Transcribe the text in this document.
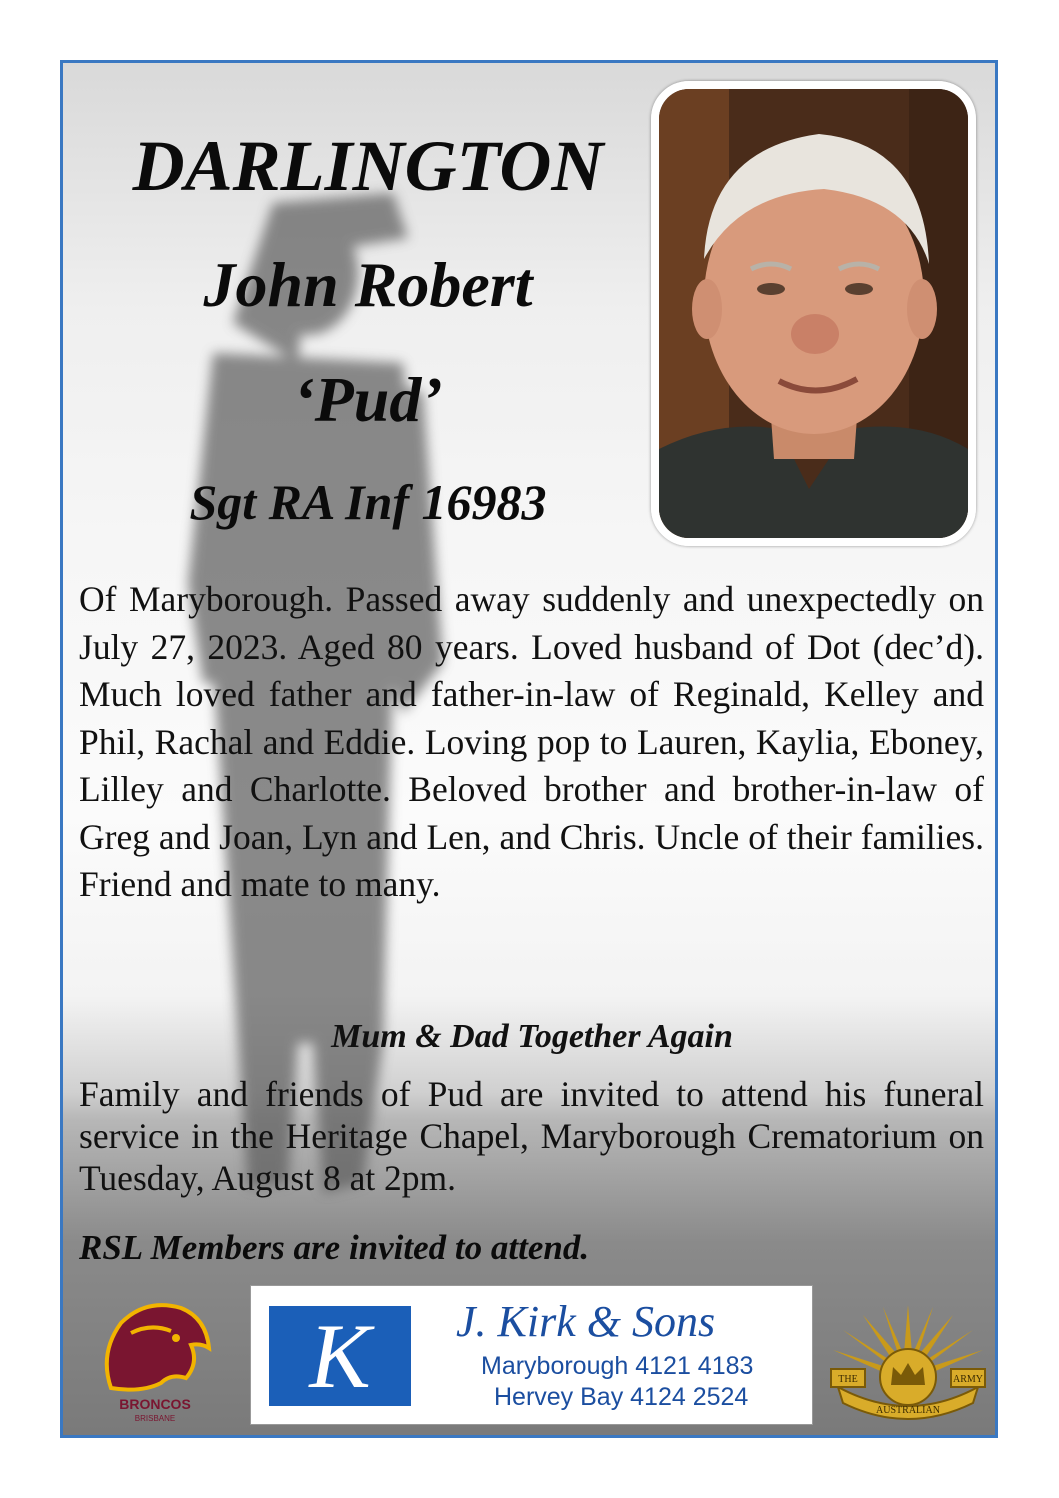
DARLINGTON
John Robert
‘Pud’
Sgt RA Inf 16983

Of Maryborough. Passed away suddenly and unexpectedly on July 27, 2023. Aged 80 years. Loved husband of Dot (dec’d). Much loved father and father-in-law of Reginald, Kelley and Phil, Rachal and Eddie. Loving pop to Lauren, Kaylia, Eboney, Lilley and Charlotte. Beloved brother and brother-in-law of Greg and Joan, Lyn and Len, and Chris. Uncle of their families. Friend and mate to many.

Mum & Dad Together Again

Family and friends of Pud are invited to attend his funeral service in the Heritage Chapel, Maryborough Crematorium on Tuesday, August 8 at 2pm.

RSL Members are invited to attend.

BRONCOS
BRISBANE
K	J. Kirk & Sons

Maryborough 4121 4183

Hervey Bay 4124 2524

THE	ARMY
AUSTRALIAN
